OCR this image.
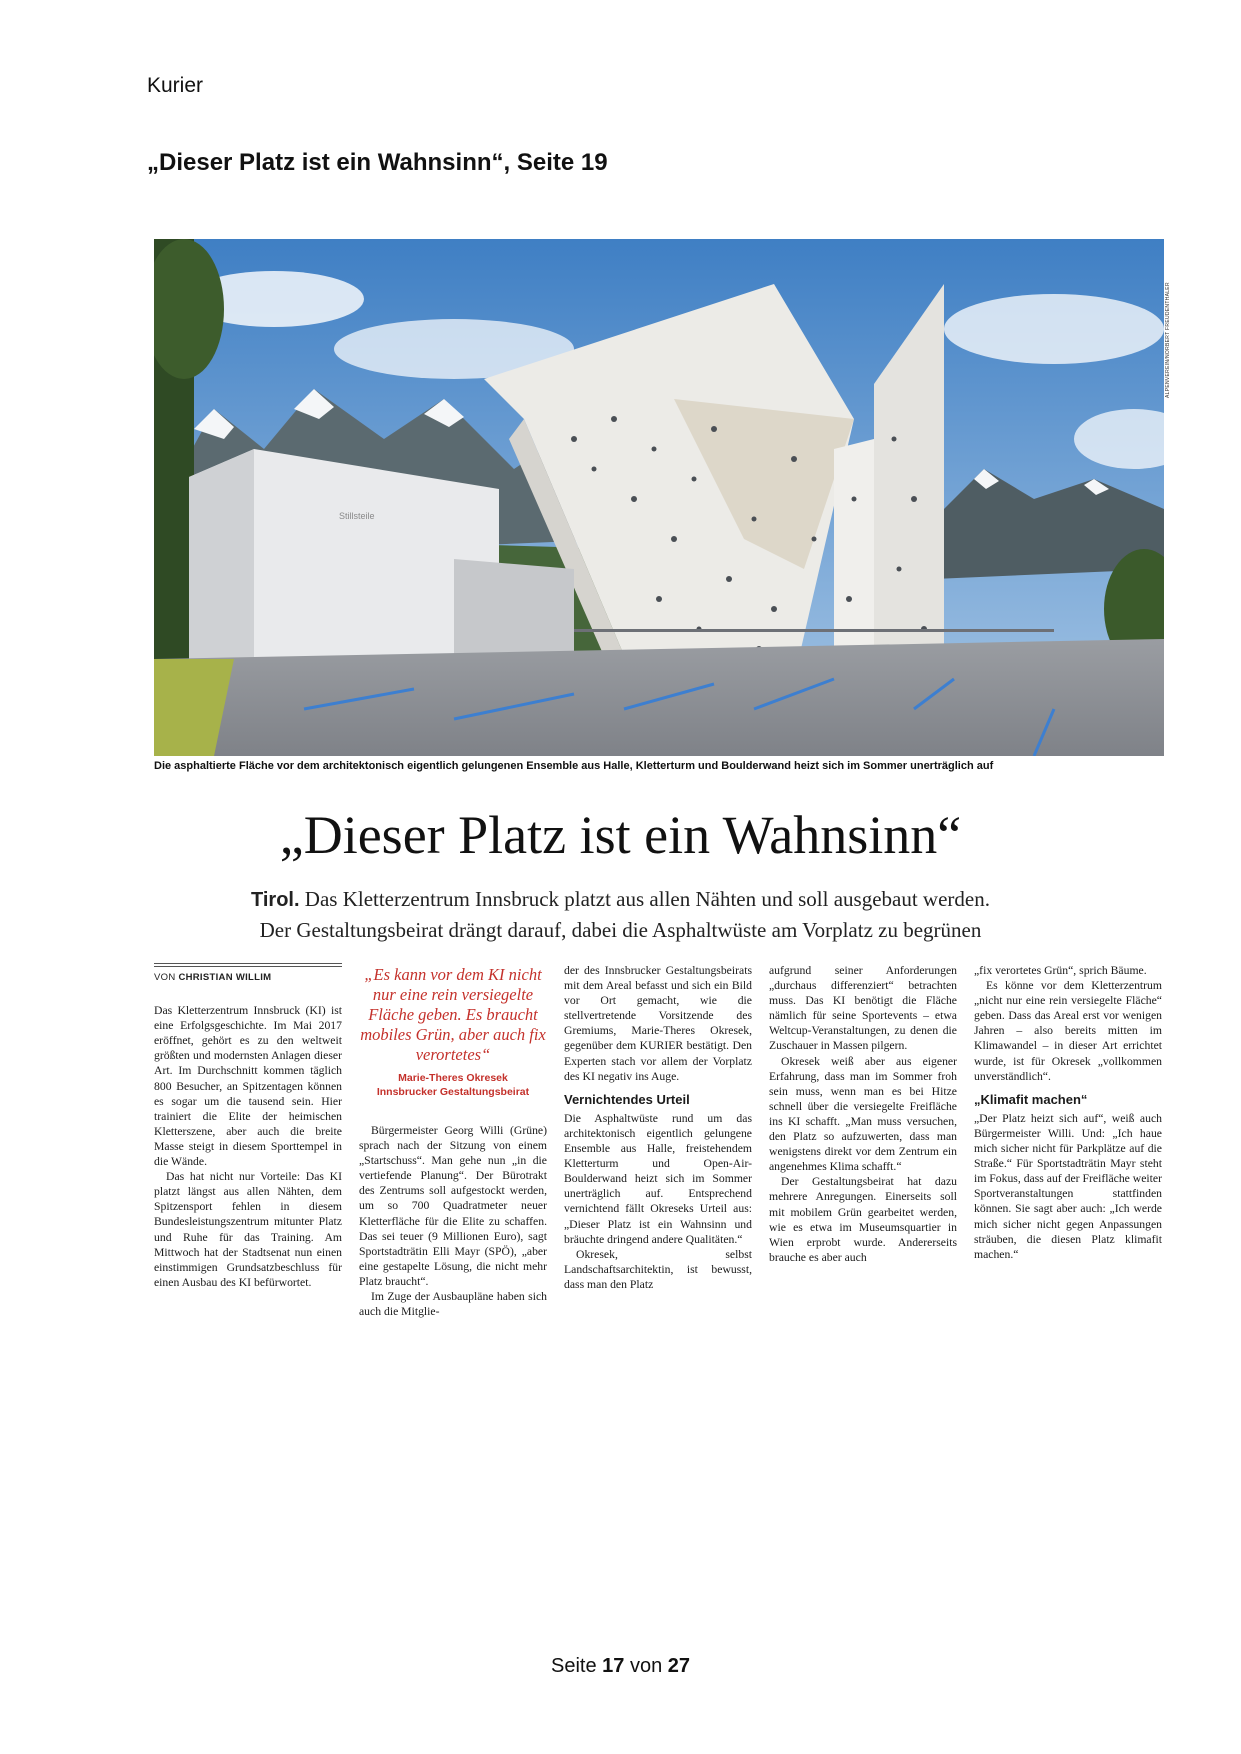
Kurier
„Dieser Platz ist ein Wahnsinn“, Seite 19
Stillsteile
ALPENVEREIN/NORBERT FREUDENTHALER
Die asphaltierte Fläche vor dem architektonisch eigentlich gelungenen Ensemble aus Halle, Kletterturm und Boulderwand heizt sich im Sommer unerträglich auf
„Dieser Platz ist ein Wahnsinn“
Tirol. Das Kletterzentrum Innsbruck platzt aus allen Nähten und soll ausgebaut werden.
Der Gestaltungsbeirat drängt darauf, dabei die Asphaltwüste am Vorplatz zu begrünen
VON CHRISTIAN WILLIM

Das Kletterzentrum Innsbruck (KI) ist eine Erfolgsgeschichte. Im Mai 2017 eröffnet, gehört es zu den weltweit größten und modernsten Anlagen dieser Art. Im Durchschnitt kommen täglich 800 Besucher, an Spitzentagen können es sogar um die tausend sein. Hier trainiert die Elite der heimischen Kletterszene, aber auch die breite Masse steigt in diesem Sporttempel in die Wände.

Das hat nicht nur Vorteile: Das KI platzt längst aus allen Nähten, dem Spitzensport fehlen in diesem Bundesleistungszentrum mitunter Platz und Ruhe für das Training. Am Mittwoch hat der Stadtsenat nun einen einstimmigen Grundsatzbeschluss für einen Ausbau des KI befürwortet.

„Es kann vor dem KI nicht nur eine rein versiegelte Fläche geben. Es braucht mobiles Grün, aber auch fix verortetes“
Marie-Theres Okresek
Innsbrucker Gestaltungsbeirat

Bürgermeister Georg Willi (Grüne) sprach nach der Sitzung von einem „Startschuss“. Man gehe nun „in die vertiefende Planung“. Der Bürotrakt des Zentrums soll aufgestockt werden, um so 700 Quadratmeter neuer Kletterfläche für die Elite zu schaffen. Das sei teuer (9 Millionen Euro), sagt Sportstadträtin Elli Mayr (SPÖ), „aber eine gestapelte Lösung, die nicht mehr Platz braucht“.

Im Zuge der Ausbaupläne haben sich auch die Mitglie-

der des Innsbrucker Gestaltungsbeirats mit dem Areal befasst und sich ein Bild vor Ort gemacht, wie die stellvertretende Vorsitzende des Gremiums, Marie-Theres Okresek, gegenüber dem KURIER bestätigt. Den Experten stach vor allem der Vorplatz des KI negativ ins Auge.

Vernichtendes Urteil

Die Asphaltwüste rund um das architektonisch eigentlich gelungene Ensemble aus Halle, freistehendem Kletterturm und Open-Air-Boulderwand heizt sich im Sommer unerträglich auf. Entsprechend vernichtend fällt Okreseks Urteil aus: „Dieser Platz ist ein Wahnsinn und bräuchte dringend andere Qualitäten.“

Okresek, selbst Landschaftsarchitektin, ist bewusst, dass man den Platz

aufgrund seiner Anforderungen „durchaus differenziert“ betrachten muss. Das KI benötigt die Fläche nämlich für seine Sportevents – etwa Weltcup-Veranstaltungen, zu denen die Zuschauer in Massen pilgern.

Okresek weiß aber aus eigener Erfahrung, dass man im Sommer froh sein muss, wenn man es bei Hitze schnell über die versiegelte Freifläche ins KI schafft. „Man muss versuchen, den Platz so aufzuwerten, dass man wenigstens direkt vor dem Zentrum ein angenehmes Klima schafft.“

Der Gestaltungsbeirat hat dazu mehrere Anregungen. Einerseits soll mit mobilem Grün gearbeitet werden, wie es etwa im Museumsquartier in Wien erprobt wurde. Andererseits brauche es aber auch

„fix verortetes Grün“, sprich Bäume.

Es könne vor dem Kletterzentrum „nicht nur eine rein versiegelte Fläche“ geben. Dass das Areal erst vor wenigen Jahren – also bereits mitten im Klimawandel – in dieser Art errichtet wurde, ist für Okresek „vollkommen unverständlich“.

„Klimafit machen“

„Der Platz heizt sich auf“, weiß auch Bürgermeister Willi. Und: „Ich haue mich sicher nicht für Parkplätze auf die Straße.“ Für Sportstadträtin Mayr steht im Fokus, dass auf der Freifläche weiter Sportveranstaltungen stattfinden können. Sie sagt aber auch: „Ich werde mich sicher nicht gegen Anpassungen sträuben, die diesen Platz klimafit machen.“

Seite 17 von 27
